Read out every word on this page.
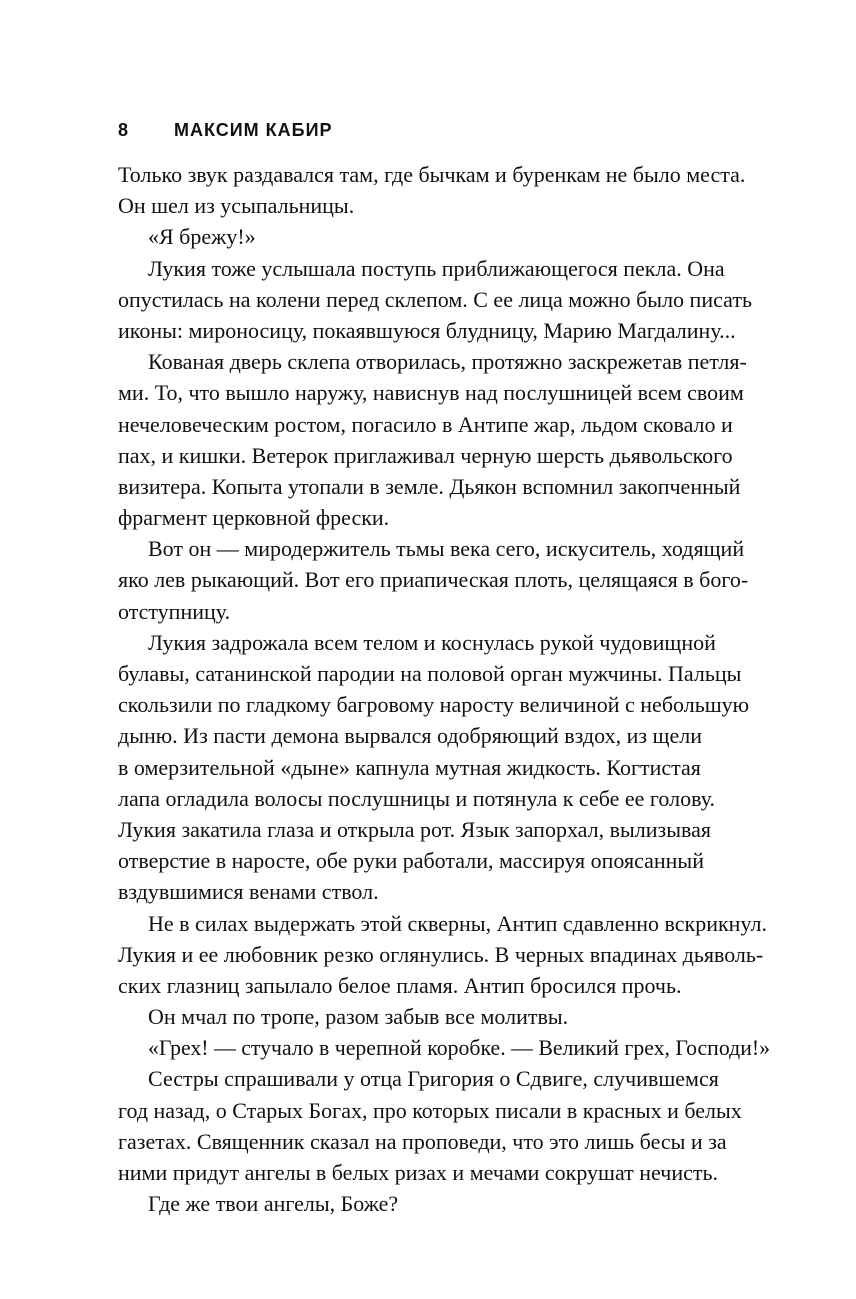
8 МАКСИМ КАБИР
Только звук раздавался там, где бычкам и буренкам не было места.
Он шел из усыпальницы.
«Я брежу!»
Лукия тоже услышала поступь приближающегося пекла. Она
опустилась на колени перед склепом. С ее лица можно было писать
иконы: мироносицу, покаявшуюся блудницу, Марию Магдалину...
Кованая дверь склепа отворилась, протяжно заскрежетав петля-
ми. То, что вышло наружу, нависнув над послушницей всем своим
нечеловеческим ростом, погасило в Антипе жар, льдом сковало и
пах, и кишки. Ветерок приглаживал черную шерсть дьявольского
визитера. Копыта утопали в земле. Дьякон вспомнил закопченный
фрагмент церковной фрески.
Вот он — миродержитель тьмы века сего, искуситель, ходящий
яко лев рыкающий. Вот его приапическая плоть, целящаяся в бого-
отступницу.
Лукия задрожала всем телом и коснулась рукой чудовищной
булавы, сатанинской пародии на половой орган мужчины. Пальцы
скользили по гладкому багровому наросту величиной с небольшую
дыню. Из пасти демона вырвался одобряющий вздох, из щели
в омерзительной «дыне» капнула мутная жидкость. Когтистая
лапа огладила волосы послушницы и потянула к себе ее голову.
Лукия закатила глаза и открыла рот. Язык запорхал, вылизывая
отверстие в наросте, обе руки работали, массируя опоясанный
вздувшимися венами ствол.
Не в силах выдержать этой скверны, Антип сдавленно вскрикнул.
Лукия и ее любовник резко оглянулись. В черных впадинах дьяволь-
ских глазниц запылало белое пламя. Антип бросился прочь.
Он мчал по тропе, разом забыв все молитвы.
«Грех! — стучало в черепной коробке. — Великий грех, Господи!»
Сестры спрашивали у отца Григория о Сдвиге, случившемся
год назад, о Старых Богах, про которых писали в красных и белых
газетах. Священник сказал на проповеди, что это лишь бесы и за
ними придут ангелы в белых ризах и мечами сокрушат нечисть.
Где же твои ангелы, Боже?
